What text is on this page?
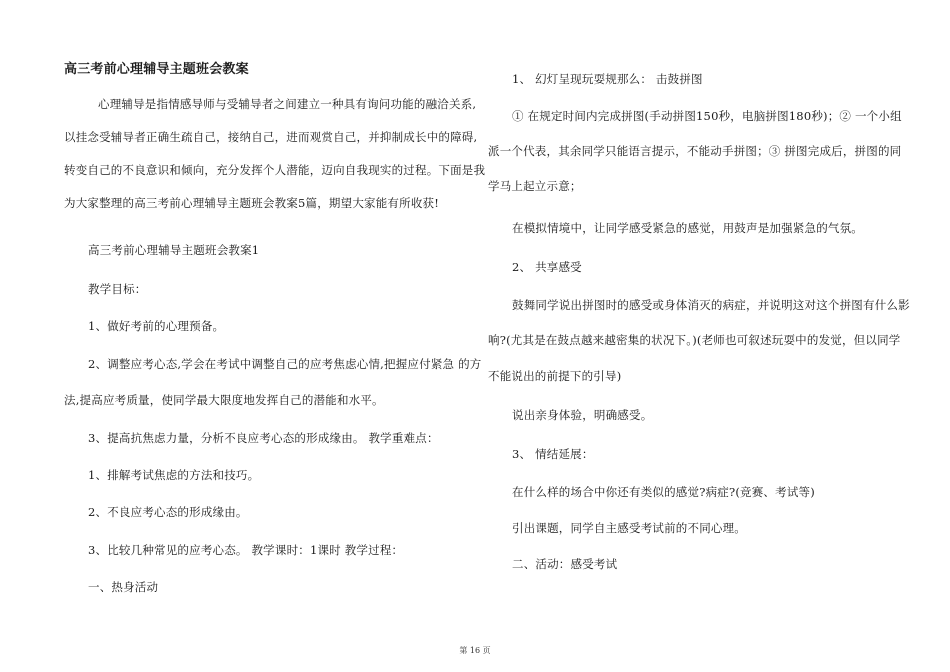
高三考前心理辅导主题班会教案
心理辅导是指情感导师与受辅导者之间建立一种具有询问功能的融洽关系,
以挂念受辅导者正确生疏自己，接纳自己，进而观赏自己，并抑制成长中的障碍,
转变自己的不良意识和倾向，充分发挥个人潜能，迈向自我现实的过程。下面是我
为大家整理的高三考前心理辅导主题班会教案5篇，期望大家能有所收获!
高三考前心理辅导主题班会教案1
教学目标：
1、做好考前的心理预备。
2、调整应考心态,学会在考试中调整自己的应考焦虑心情,把握应付紧急 的方
法,提高应考质量，使同学最大限度地发挥自己的潜能和水平。
3、提高抗焦虑力量，分析不良应考心态的形成缘由。 教学重难点：
1、排解考试焦虑的方法和技巧。
2、不良应考心态的形成缘由。
3、比较几种常见的应考心态。 教学课时：1课时 教学过程：
一、热身活动
1、 幻灯呈现玩耍规那么： 击鼓拼图
① 在规定时间内完成拼图(手动拼图150秒，电脑拼图180秒)；② 一个小组
派一个代表，其余同学只能语言提示，不能动手拼图；③ 拼图完成后，拼图的同
学马上起立示意；
在模拟情境中，让同学感受紧急的感觉，用鼓声是加强紧急的气氛。
2、 共享感受
鼓舞同学说出拼图时的感受或身体消灭的病症，并说明这对这个拼图有什么影
响?(尤其是在鼓点越来越密集的状况下。)(老师也可叙述玩耍中的发觉，但以同学
不能说出的前提下的引导)
说出亲身体验，明确感受。
3、 情结延展：
在什么样的场合中你还有类似的感觉?病症?(竞赛、考试等)
引出课题，同学自主感受考试前的不同心理。
二、活动：感受考试
第 16 页
